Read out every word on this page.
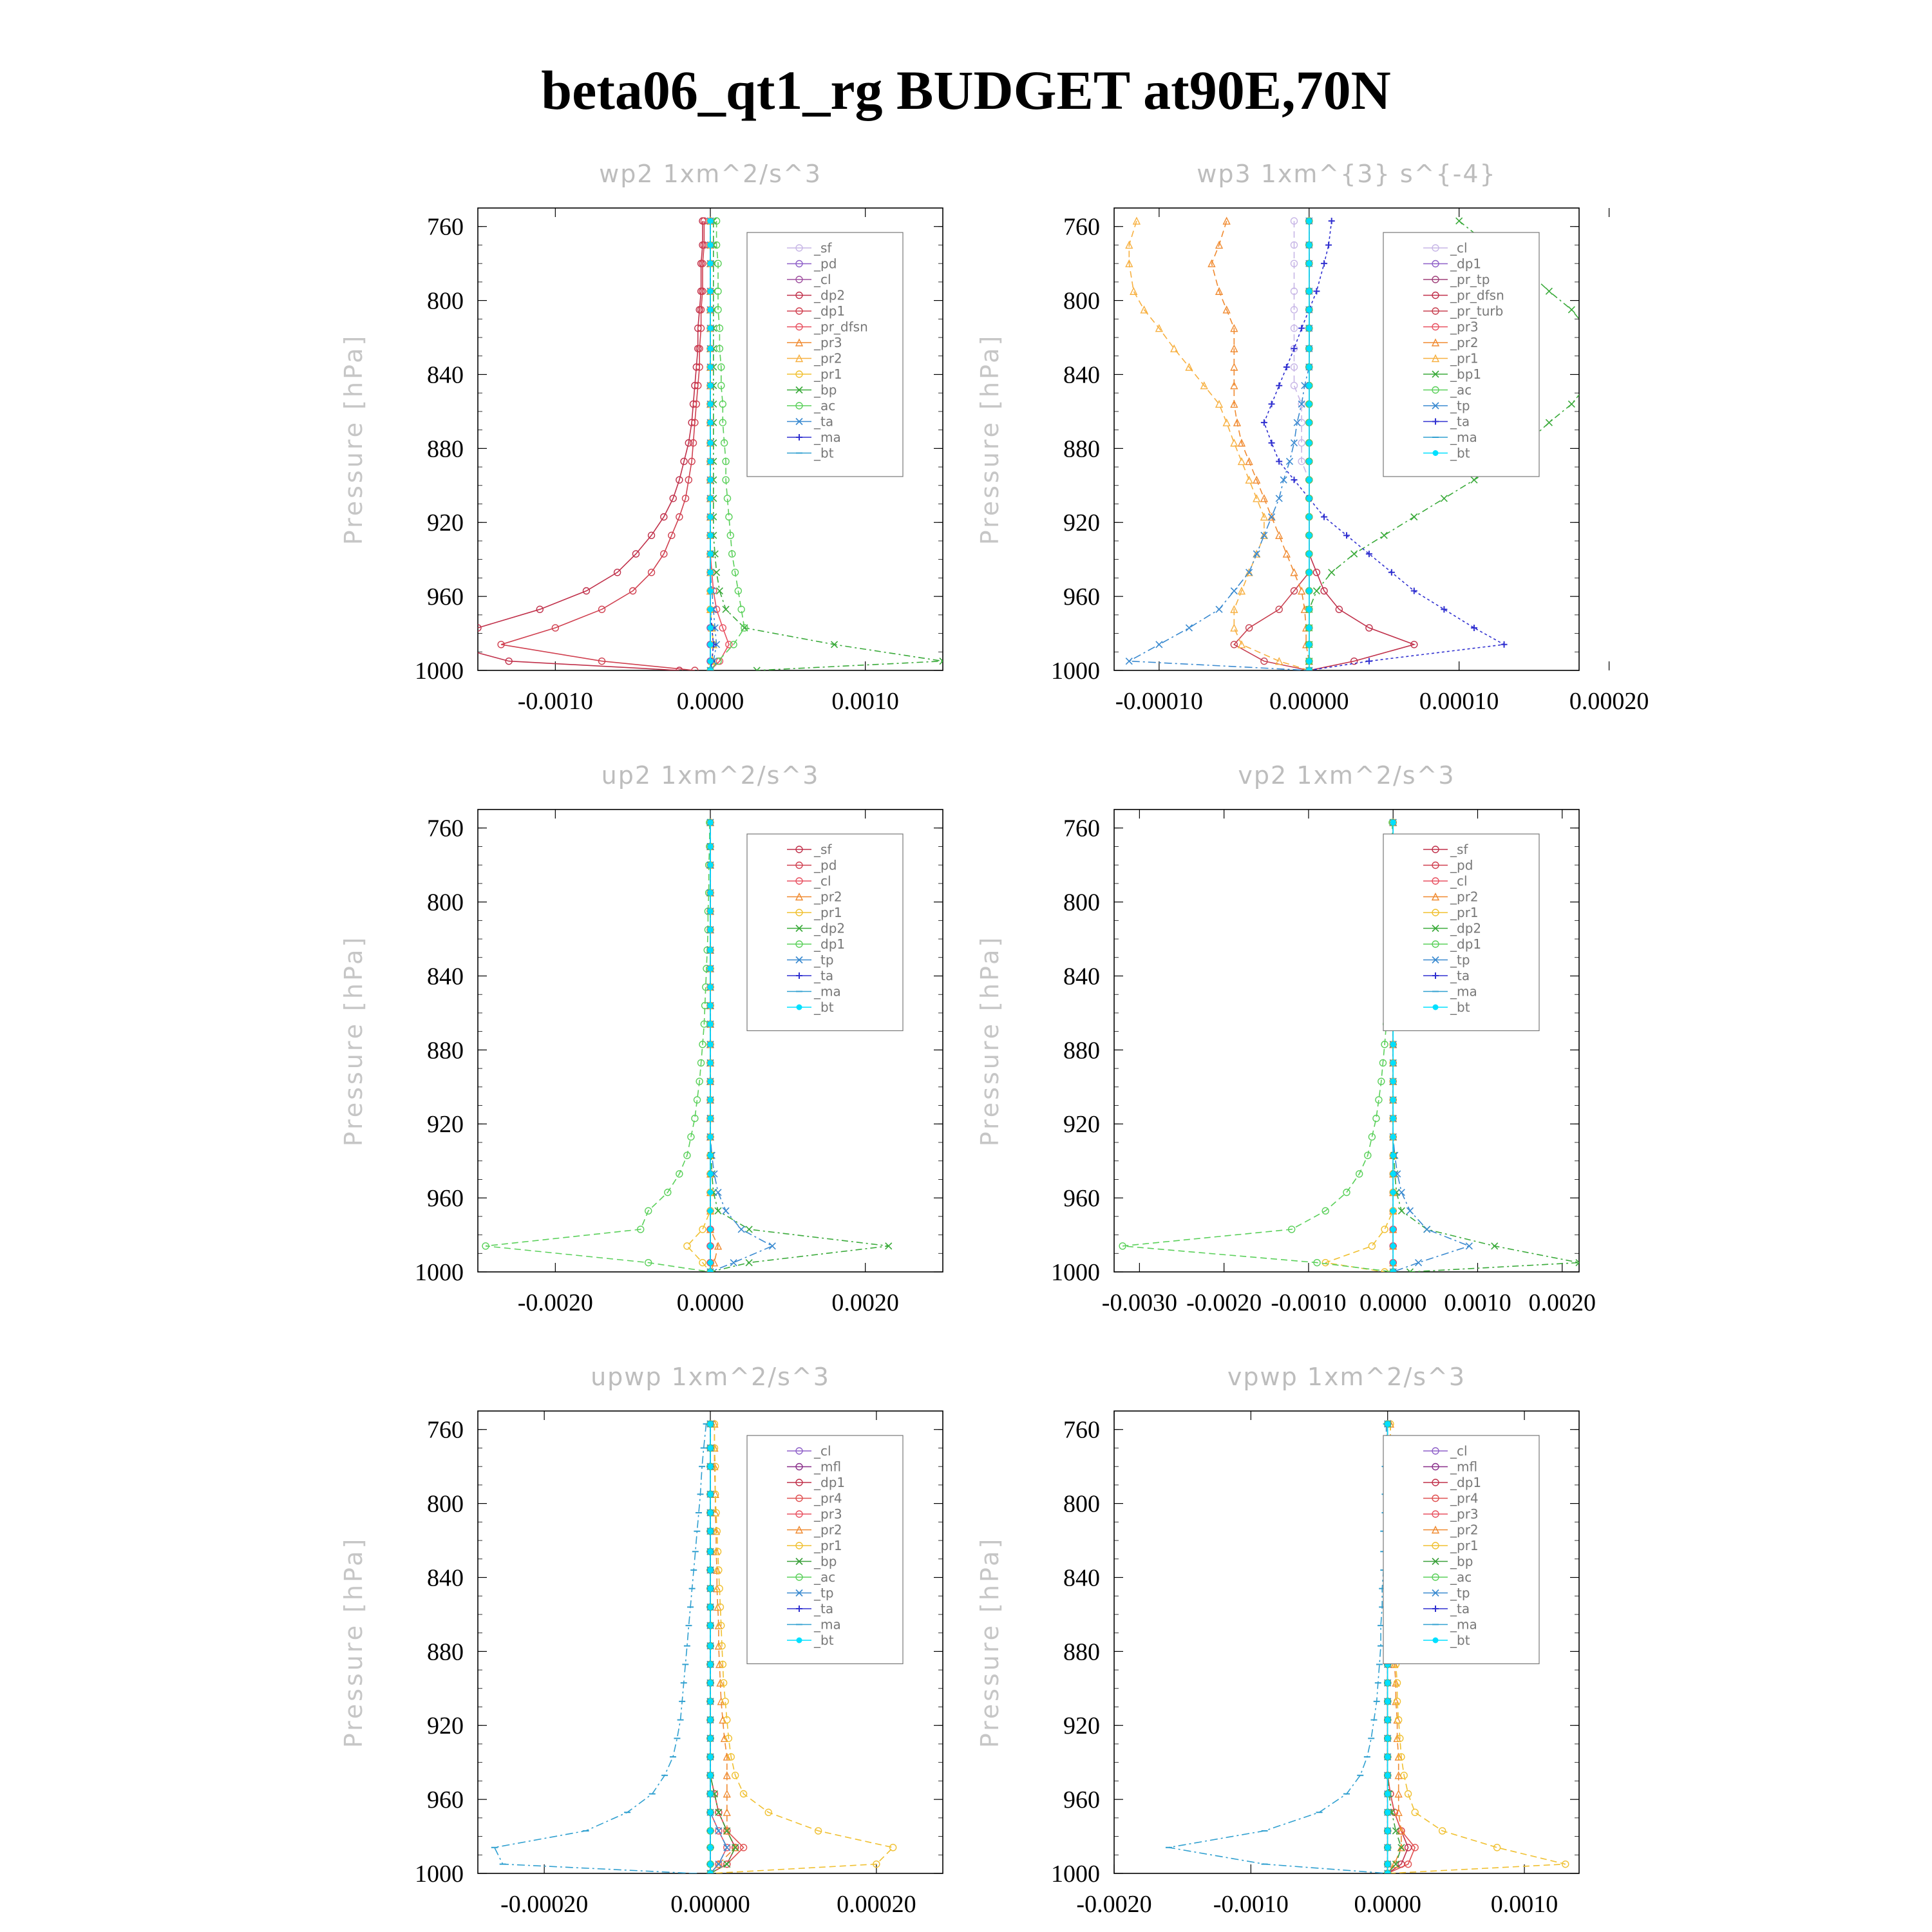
beta06_qt1_rg BUDGET at90E,70N
wp2 1xm^2/s^3
Pressure [hPa]
760
800
840
880
920
960
1000
-0.0010	0.0000	0.0010
_sf
_pd
_cl
_dp2
_dp1
_pr_dfsn
_pr3
_pr2
_pr1
_bp
_ac
_ta
_ma
_bt
wp3 1xm^{3} s^{-4}
Pressure [hPa]
760
800
840
880
920
960
1000
-0.00010	0.00000	0.00010	0.00020
_cl
_dp1
_pr_tp
_pr_dfsn
_pr_turb
_pr3
_pr2
_pr1
_bp1
_ac
_tp
_ta
_ma
_bt
up2 1xm^2/s^3
Pressure [hPa]
760
800
840
880
920
960
1000
-0.0020	0.0000	0.0020
_sf
_pd
_cl
_pr2
_pr1
_dp2
_dp1
_tp
_ta
_ma
_bt
vp2 1xm^2/s^3
Pressure [hPa]
760
800
840
880
920
960
1000
-0.0030 -0.0020 -0.0010 0.0000 0.0010 0.0020
_sf
_pd
_cl
_pr2
_pr1
_dp2
_dp1
_tp
_ta
_ma
_bt
upwp 1xm^2/s^3
Pressure [hPa]
760
800
840
880
920
960
1000
-0.00020	0.00000	0.00020
_cl
_mfl
_dp1
_pr4
_pr3
_pr2
_pr1
_bp
_ac
_tp
_ta
_ma
_bt
vpwp 1xm^2/s^3
Pressure [hPa]
760
800
840
880
920
960
1000
-0.0020	-0.0010	0.0000	0.0010
_cl
_mfl
_dp1
_pr4
_pr3
_pr2
_pr1
_bp
_ac
_tp
_ta
_ma
_bt
